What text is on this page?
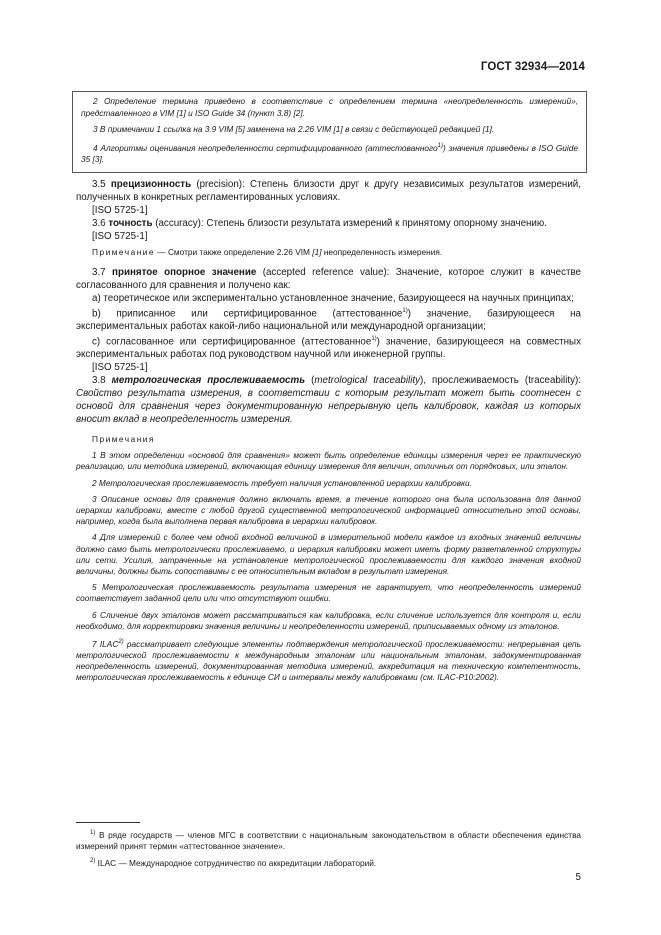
ГОСТ 32934—2014

2 Определение термина приведено в соответствие с определением термина «неопределенность измерений», представленного в VIM [1] и ISO Guide 34 (пункт 3.8) [2].

3 В примечании 1 ссылка на 3.9 VIM [5] заменена на 2.26 VIM [1] в связи с действующей редакцией [1].

4 Алгоритмы оценивания неопределенности сертифицированного (аттестованного$^{1)}$) значения приведены в ISO Guide 35 [3].

3.5 прецизионность (precision): Степень близости друг к другу независимых результатов измерений, полученных в конкретных регламентированных условиях.

[ISO 5725-1]

3.6 точность (accuracy): Степень близости результата измерений к принятому опорному значению.

[ISO 5725-1]

Примечание — Смотри также определение 2.26 VIM [1] неопределенность измерения.

3.7 принятое опорное значение (accepted reference value): Значение, которое служит в качестве согласованного для сравнения и получено как:

а) теоретическое или экспериментально установленное значение, базирующееся на научных принципах;

b) приписанное или сертифицированное (аттестованное$^{1)}$) значение, базирующееся на экспериментальных работах какой-либо национальной или международной организации;

с) согласованное или сертифицированное (аттестованное$^{1)}$) значение, базирующееся на совместных экспериментальных работах под руководством научной или инженерной группы.

[ISO 5725-1]

3.8 метрологическая прослеживаемость (metrological traceability), прослеживаемость (traceability): Свойство результата измерения, в соответствии с которым результат может быть соотнесен с основой для сравнения через документированную непрерывную цепь калибровок, каждая из которых вносит вклад в неопределенность измерения.

Примечания

1 В этом определении «основой для сравнения» может быть определение единицы измерения через ее практическую реализацию, или методика измерений, включающая единицу измерения для величин, отличных от порядковых, или эталон.

2 Метрологическая прослеживаемость требует наличия установленной иерархии калибровки.

3 Описание основы для сравнения должно включать время, в течение которого она была использована для данной иерархии калибровки, вместе с любой другой существенной метрологической информацией относительно этой основы, например, когда была выполнена первая калибровка в иерархии калибровок.

4 Для измерений с более чем одной входной величиной в измерительной модели каждое из входных значений величины должно само быть метрологически прослеживаемо, и иерархия калибровки может иметь форму разветвленной структуры или сети. Усилия, затраченные на установление метрологической прослеживаемости для каждого значения входной величины, должны быть сопоставимы с ее относительным вкладом в результат измерения.

5 Метрологическая прослеживаемость результата измерения не гарантирует, что неопределенность измерений соответствует заданной цели или что отсутствуют ошибки.

6 Сличение двух эталонов может рассматриваться как калибровка, если сличение используется для контроля и, если необходимо, для корректировки значения величины и неопределенности измерений, приписываемых одному из эталонов.

7 ILAC$^{2)}$ рассматривает следующие элементы подтверждения метрологической прослеживаемости: непрерывная цепь метрологической прослеживаемости к международным эталонам или национальным эталонам, задокументированная неопределенность измерений, документированная методика измерений, аккредитация на техническую компетентность, метрологическая прослеживаемость к единице СИ и интервалы между калибровками (см. ILAC-P10:2002).

$^{1)}$ В ряде государств — членов МГС в соответствии с национальным законодательством в области обеспечения единства измерений принят термин «аттестованное значение».

$^{2)}$ ILAC — Международное сотрудничество по аккредитации лабораторий.

5
